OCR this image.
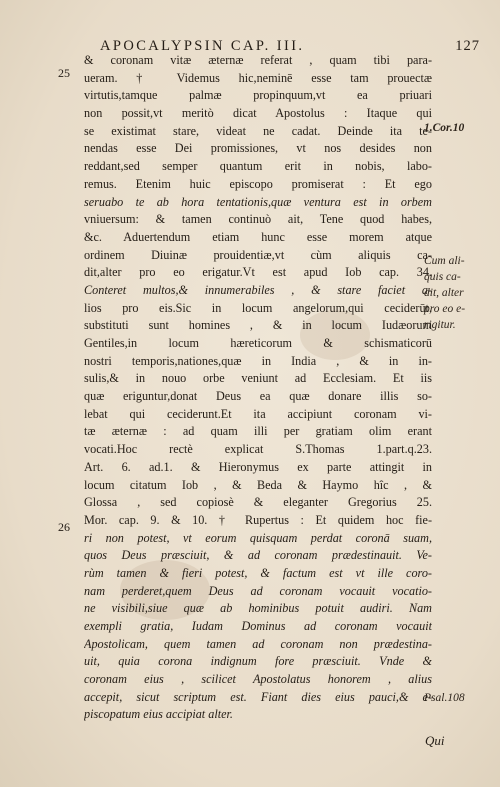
APOCALYPSIN CAP. III.	127
25
26
& coronam vitæ æternæ referat , quam tibi para-
ueram. † Videmus hic,neminē esse tam prouectæ
virtutis,tamque palmæ propinquum,vt ea priuari
non possit,vt meritò dicat Apostolus : Itaque qui
se existimat stare, videat ne cadat. Deinde ita te-
nendas esse Dei promissiones, vt nos desides non
reddant,sed semper quantum erit in nobis, labo-
remus. Etenim huic episcopo promiserat : Et ego
seruabo te ab hora tentationis,quæ ventura est in orbem
vniuersum: & tamen continuò ait, Tene quod habes,
&c. Aduertendum etiam hunc esse morem atque
ordinem Diuinæ prouidentiæ,vt cùm aliquis ca-
dit,alter pro eo erigatur.Vt est apud Iob cap. 34.
Conteret multos,& innumerabiles , & stare faciet a-
lios pro eis.Sic in locum angelorum,qui ceciderūt,
substituti sunt homines , & in locum Iudæorum
Gentiles,in locum hæreticorum & schismaticorū
nostri temporis,nationes,quæ in India , & in in-
sulis,& in nouo orbe veniunt ad Ecclesiam. Et iis
quæ eriguntur,donat Deus ea quæ donare illis so-
lebat qui ceciderunt.Et ita accipiunt coronam vi-
tæ æternæ : ad quam illi per gratiam olim erant
vocati.Hoc rectè explicat S.Thomas 1.part.q.23.
Art. 6. ad.1. & Hieronymus ex parte attingit in
locum citatum Iob , & Beda & Haymo hîc , &
Glossa , sed copiosè & eleganter Gregorius 25.
Mor. cap. 9. & 10. † Rupertus : Et quidem hoc fie-
ri non potest, vt eorum quisquam perdat coronā suam,
quos Deus præsciuit, & ad coronam prædestinauit. Ve-
rùm tamen & fieri potest, & factum est vt ille coro-
nam perderet,quem Deus ad coronam vocauit vocatio-
ne visibili,siue quæ ab hominibus potuit audiri. Nam
exempli gratia, Iudam Dominus ad coronam vocauit
Apostolicam, quem tamen ad coronam non prædestina-
uit, quia corona indignum fore præsciuit. Vnde &
coronam eius , scilicet Apostolatus honorem , alius
accepit, sicut scriptum est. Fiant dies eius pauci,& e-
piscopatum eius accipiat alter.
1.Cor.10
Cum ali-
quis ca-
dit, alter
pro eo e-
rigitur.
Psal.108
Qui
